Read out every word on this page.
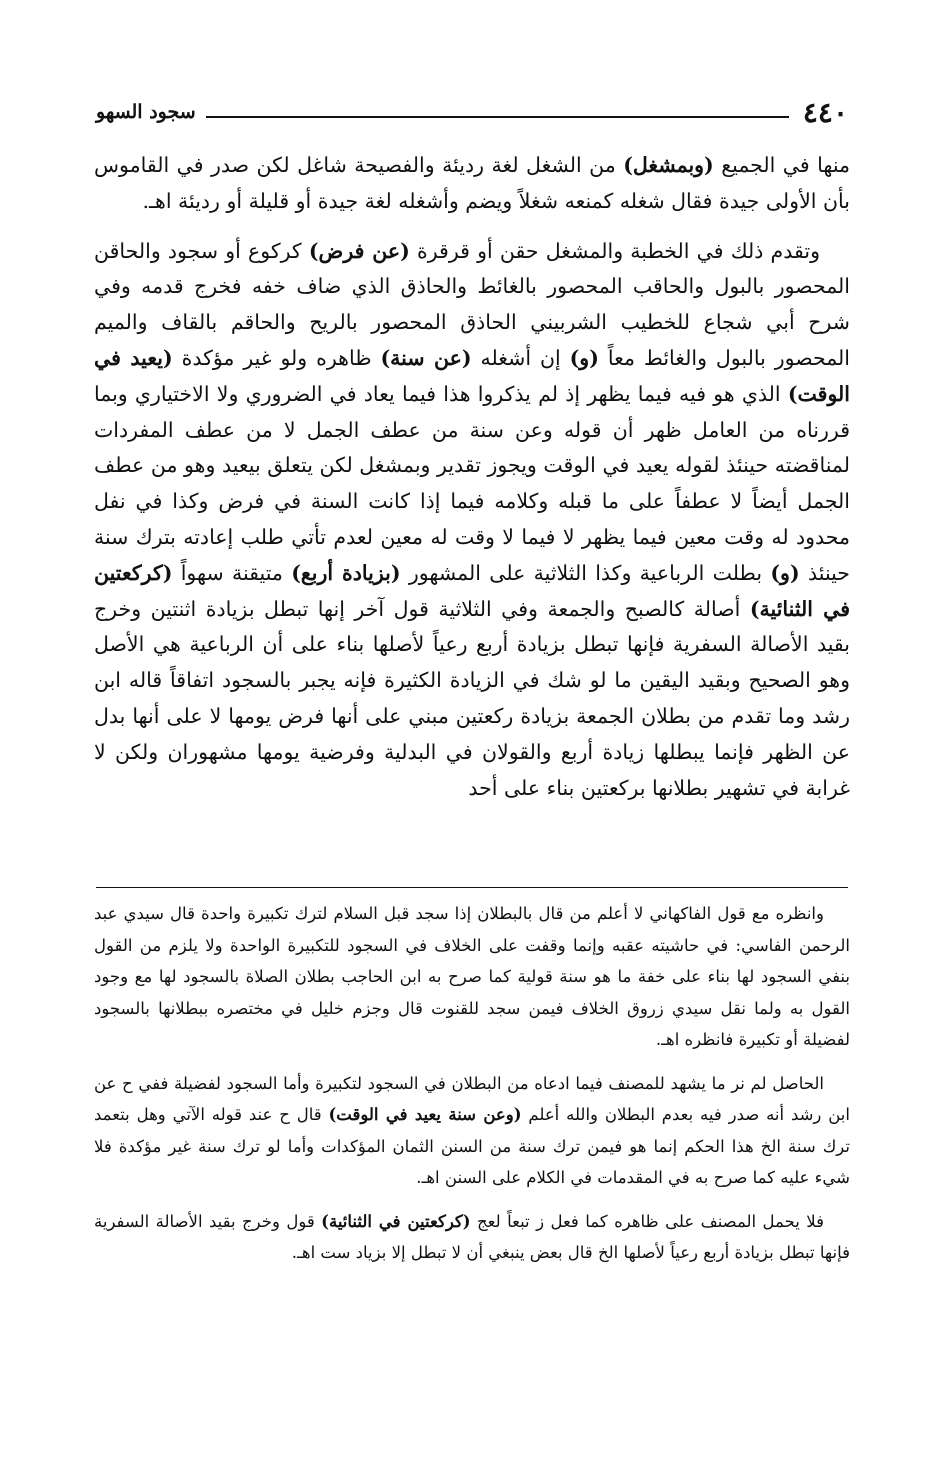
٤٤٠
سجود السهو

منها في الجميع (وبمشغل) من الشغل لغة رديئة والفصيحة شاغل لكن صدر في القاموس بأن الأولى جيدة فقال شغله كمنعه شغلاً ويضم وأشغله لغة جيدة أو قليلة أو رديئة اهـ.

وتقدم ذلك في الخطبة والمشغل حقن أو قرقرة (عن فرض) كركوع أو سجود والحاقن المحصور بالبول والحاقب المحصور بالغائط والحاذق الذي ضاف خفه فخرج قدمه وفي شرح أبي شجاع للخطيب الشربيني الحاذق المحصور بالريح والحاقم بالقاف والميم المحصور بالبول والغائط معاً (و) إن أشغله (عن سنة) ظاهره ولو غير مؤكدة (يعيد في الوقت) الذي هو فيه فيما يظهر إذ لم يذكروا هذا فيما يعاد في الضروري ولا الاختياري وبما قررناه من العامل ظهر أن قوله وعن سنة من عطف الجمل لا من عطف المفردات لمناقضته حينئذ لقوله يعيد في الوقت ويجوز تقدير وبمشغل لكن يتعلق بيعيد وهو من عطف الجمل أيضاً لا عطفاً على ما قبله وكلامه فيما إذا كانت السنة في فرض وكذا في نفل محدود له وقت معين فيما يظهر لا فيما لا وقت له معين لعدم تأتي طلب إعادته بترك سنة حينئذ (و) بطلت الرباعية وكذا الثلاثية على المشهور (بزيادة أربع) متيقنة سهواً (كركعتين في الثنائية) أصالة كالصبح والجمعة وفي الثلاثية قول آخر إنها تبطل بزيادة اثنتين وخرج بقيد الأصالة السفرية فإنها تبطل بزيادة أربع رعياً لأصلها بناء على أن الرباعية هي الأصل وهو الصحيح وبقيد اليقين ما لو شك في الزيادة الكثيرة فإنه يجبر بالسجود اتفاقاً قاله ابن رشد وما تقدم من بطلان الجمعة بزيادة ركعتين مبني على أنها فرض يومها لا على أنها بدل عن الظهر فإنما يبطلها زيادة أربع والقولان في البدلية وفرضية يومها مشهوران ولكن لا غرابة في تشهير بطلانها بركعتين بناء على أحد

وانظره مع قول الفاكهاني لا أعلم من قال بالبطلان إذا سجد قبل السلام لترك تكبيرة واحدة قال سيدي عبد الرحمن الفاسي: في حاشيته عقبه وإنما وقفت على الخلاف في السجود للتكبيرة الواحدة ولا يلزم من القول بنفي السجود لها بناء على خفة ما هو سنة قولية كما صرح به ابن الحاجب بطلان الصلاة بالسجود لها مع وجود القول به ولما نقل سيدي زروق الخلاف فيمن سجد للقنوت قال وجزم خليل في مختصره ببطلانها بالسجود لفضيلة أو تكبيرة فانظره اهـ.

الحاصل لم نر ما يشهد للمصنف فيما ادعاه من البطلان في السجود لتكبيرة وأما السجود لفضيلة ففي ح عن ابن رشد أنه صدر فيه بعدم البطلان والله أعلم (وعن سنة يعيد في الوقت) قال ح عند قوله الآتي وهل بتعمد ترك سنة الخ هذا الحكم إنما هو فيمن ترك سنة من السنن الثمان المؤكدات وأما لو ترك سنة غير مؤكدة فلا شيء عليه كما صرح به في المقدمات في الكلام على السنن اهـ.

فلا يحمل المصنف على ظاهره كما فعل ز تبعاً لعج (كركعتين في الثنائية) قول وخرج بقيد الأصالة السفرية فإنها تبطل بزيادة أربع رعياً لأصلها الخ قال بعض ينبغي أن لا تبطل إلا بزياد ست اهـ.
